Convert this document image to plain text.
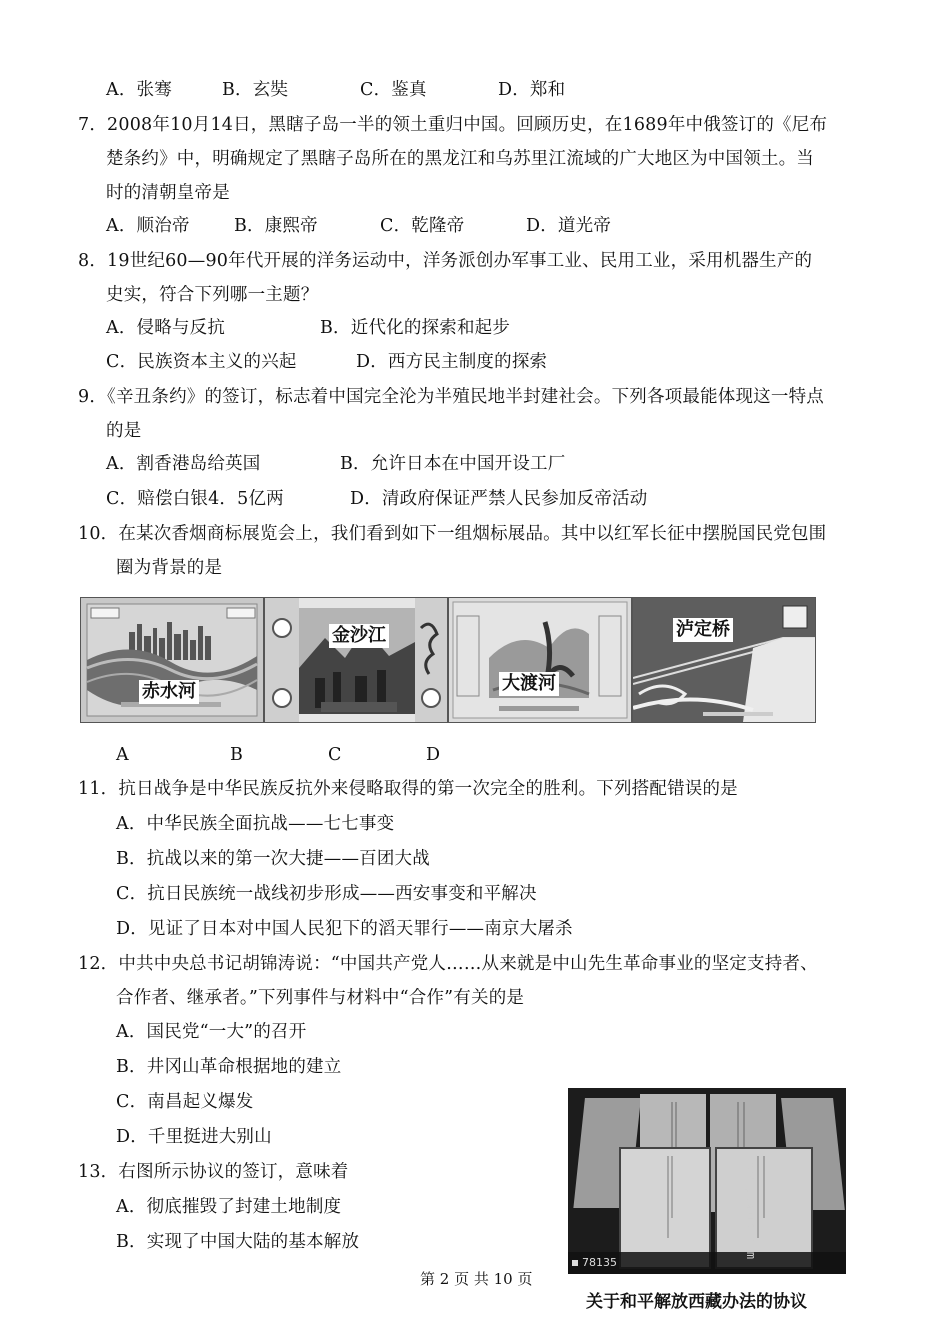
A．张骞	B．玄奘	C．鉴真	D．郑和
7．2008年10月14日，黑瞎子岛一半的领土重归中国。回顾历史，在1689年中俄签订的《尼布
楚条约》中，明确规定了黑瞎子岛所在的黑龙江和乌苏里江流域的广大地区为中国领土。当
时的清朝皇帝是
A．顺治帝	B．康熙帝	C．乾隆帝	D．道光帝
8．19世纪60—90年代开展的洋务运动中，洋务派创办军事工业、民用工业，采用机器生产的
史实，符合下列哪一主题？
A．侵略与反抗	B．近代化的探索和起步
C．民族资本主义的兴起	D．西方民主制度的探索
9．《辛丑条约》的签订，标志着中国完全沦为半殖民地半封建社会。下列各项最能体现这一特点
的是
A．割香港岛给英国	B．允许日本在中国开设工厂
C．赔偿白银4．5亿两	D．清政府保证严禁人民参加反帝活动
10．在某次香烟商标展览会上，我们看到如下一组烟标展品。其中以红军长征中摆脱国民党包围
圈为背景的是
赤水河
金沙江
大渡河
泸定桥
A	B	C	D
11．抗日战争是中华民族反抗外来侵略取得的第一次完全的胜利。下列搭配错误的是
A．中华民族全面抗战——七七事变
B．抗战以来的第一次大捷——百团大战
C．抗日民族统一战线初步形成——西安事变和平解决
D．见证了日本对中国人民犯下的滔天罪行——南京大屠杀
12．中共中央总书记胡锦涛说：“中国共产党人……从来就是中山先生革命事业的坚定支持者、
合作者、继承者。”下列事件与材料中“合作”有关的是
A．国民党“一大”的召开
B．井冈山革命根据地的建立
C．南昌起义爆发
D．千里挺进大别山
13．右图所示协议的签订，意味着
A．彻底摧毁了封建土地制度
B．实现了中国大陆的基本解放
78135
www.plapic.com
关于和平解放西藏办法的协议
第 2 页 共 10 页
